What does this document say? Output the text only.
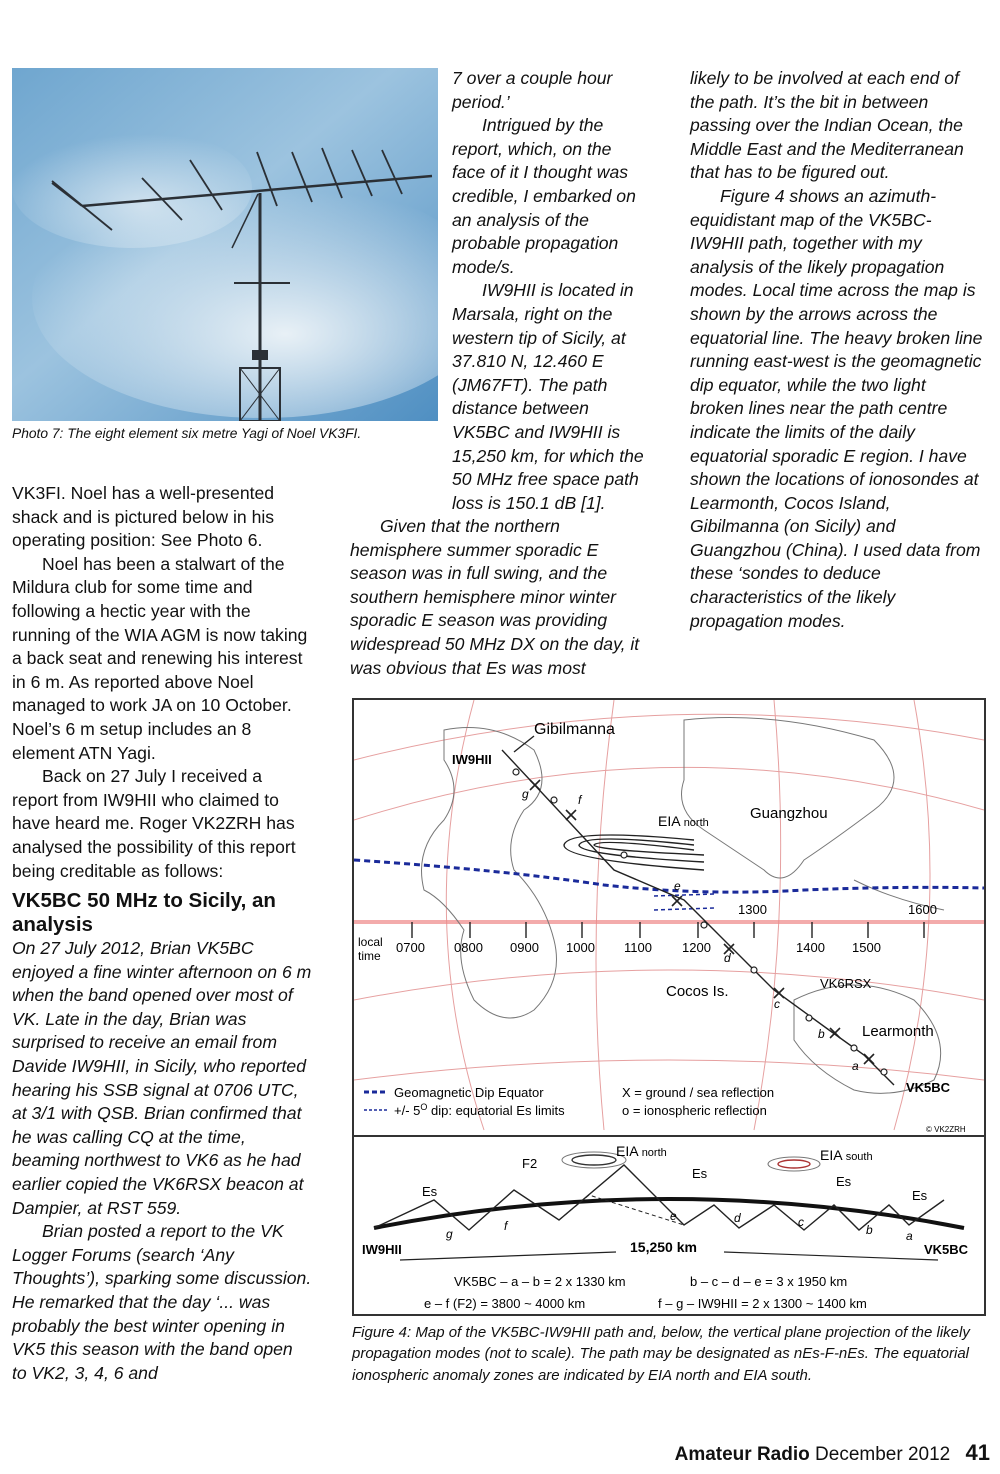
Photo 7: The eight element six metre Yagi of Noel VK3FI.

VK3FI. Noel has a well-presented shack and is pictured below in his operating position: See Photo 6.

Noel has been a stalwart of the Mildura club for some time and following a hectic year with the running of the WIA AGM is now taking a back seat and renewing his interest in 6 m. As reported above Noel managed to work JA on 10 October. Noel’s 6 m setup includes an 8 element ATN Yagi.

Back on 27 July I received a report from IW9HII who claimed to have heard me. Roger VK2ZRH has analysed the possibility of this report being creditable as follows:

VK5BC 50 MHz to Sicily, an analysis

On 27 July 2012, Brian VK5BC enjoyed a fine winter afternoon on 6 m when the band opened over most of VK. Late in the day, Brian was surprised to receive an email from Davide IW9HII, in Sicily, who reported hearing his SSB signal at 0706 UTC, at 3/1 with QSB. Brian confirmed that he was calling CQ at the time, beaming northwest to VK6 as he had earlier copied the VK6RSX beacon at Dampier, at RST 559.

Brian posted a report to the VK Logger Forums (search ‘Any Thoughts’), sparking some discussion. He remarked that the day ‘... was probably the best winter opening in VK5 this season with the band open to VK2, 3, 4, 6 and

7 over a couple hour period.’

Intrigued by the report, which, on the face of it I thought was credible, I embarked on an analysis of the probable propagation mode/s.

IW9HII is located in Marsala, right on the western tip of Sicily, at 37.810 N, 12.460 E (JM67FT). The path distance between VK5BC and IW9HII is 15,250 km, for which the 50 MHz free space path loss is 150.1 dB [1].

Given that the northern hemisphere summer sporadic E season was in full swing, and the southern hemisphere minor winter sporadic E season was providing widespread 50 MHz DX on the day, it was obvious that Es was most

likely to be involved at each end of the path. It’s the bit in between passing over the Indian Ocean, the Middle East and the Mediterranean that has to be figured out.

Figure 4 shows an azimuth-equidistant map of the VK5BC-IW9HII path, together with my analysis of the likely propagation modes. Local time across the map is shown by the arrows across the equatorial line. The heavy broken line running east-west is the geomagnetic dip equator, while the two light broken lines near the path centre indicate the limits of the daily equatorial sporadic E region. I have shown the locations of ionosondes at Learmonth, Cocos Island, Gibilmanna (on Sicily) and Guangzhou (China). I used data from these ‘sondes to deduce characteristics of the likely propagation modes.

Gibilmanna
IW9HII
EIA north
Guangzhou
local
time
0700 0800 0900 1000 1100 1200
1300
1400 1500
1600
Cocos Is.	VK6RSX
Learmonth
VK5BC
a
b
c
d
e
f
g
Geomagnetic Dip Equator
+/- $5^O$ dip: equatorial Es limits
X = ground / sea reflection
o = ionospheric reflection
© VK2ZRH
F2
EIA north	EIA south
Es
Es
Es
Es
a
b
c
d
e
f
g
IW9HII	VK5BC
15,250 km
VK5BC – a – b = 2 x 1330 km	b – c – d – e = 3 x 1950 km
e – f (F2) = 3800 ~ 4000 km	f – g – IW9HII = 2 x 1300 ~ 1400 km
Figure 4: Map of the VK5BC-IW9HII path and, below, the vertical plane projection of the likely propagation modes (not to scale). The path may be designated as nEs-F-nEs. The equatorial ionospheric anomaly zones are indicated by EIA north and EIA south.
Amateur Radio December 2012 41
